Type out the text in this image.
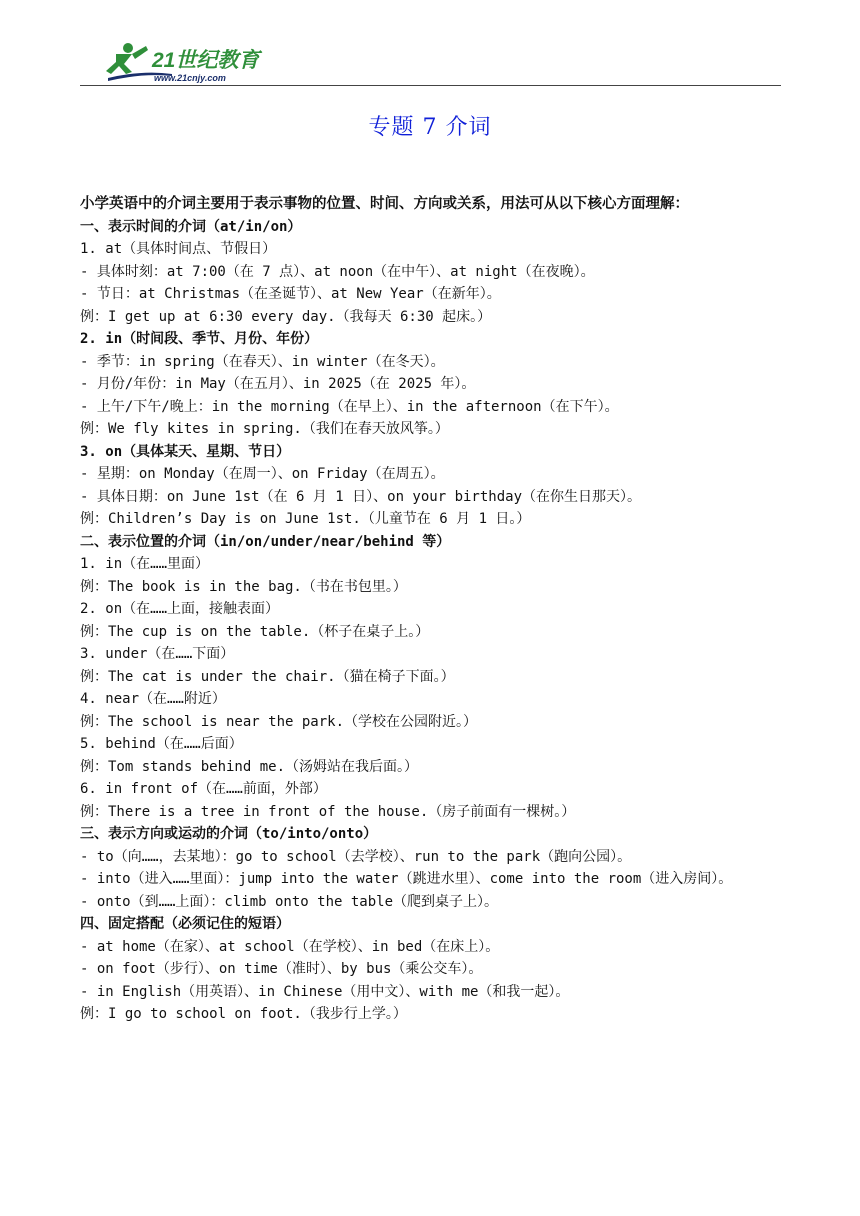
21世纪教育
www.21cnjy.com
专题 7 介词

小学英语中的介词主要用于表示事物的位置、时间、方向或关系，用法可从以下核心方面理解：

一、表示时间的介词（at/in/on）

1. at（具体时间点、节假日）

- 具体时刻：at 7:00（在 7 点）、at noon（在中午）、at night（在夜晚）。

- 节日：at Christmas（在圣诞节）、at New Year（在新年）。

例：I get up at 6:30 every day.（我每天 6:30 起床。）

2. in（时间段、季节、月份、年份）

- 季节：in spring（在春天）、in winter（在冬天）。

- 月份/年份：in May（在五月）、in 2025（在 2025 年）。

- 上午/下午/晚上：in the morning（在早上）、in the afternoon（在下午）。

例：We fly kites in spring.（我们在春天放风筝。）

3. on（具体某天、星期、节日）

- 星期：on Monday（在周一）、on Friday（在周五）。

- 具体日期：on June 1st（在 6 月 1 日）、on your birthday（在你生日那天）。

例：Children’s Day is on June 1st.（儿童节在 6 月 1 日。）

二、表示位置的介词（in/on/under/near/behind 等）

1. in（在……里面）

例：The book is in the bag.（书在书包里。）

2. on（在……上面，接触表面）

例：The cup is on the table.（杯子在桌子上。）

3. under（在……下面）

例：The cat is under the chair.（猫在椅子下面。）

4. near（在……附近）

例：The school is near the park.（学校在公园附近。）

5. behind（在……后面）

例：Tom stands behind me.（汤姆站在我后面。）

6. in front of（在……前面，外部）

例：There is a tree in front of the house.（房子前面有一棵树。）

三、表示方向或运动的介词（to/into/onto）

- to（向……，去某地）：go to school（去学校）、run to the park（跑向公园）。

- into（进入……里面）：jump into the water（跳进水里）、come into the room（进入房间）。

- onto（到……上面）：climb onto the table（爬到桌子上）。

四、固定搭配（必须记住的短语）

- at home（在家）、at school（在学校）、in bed（在床上）。

- on foot（步行）、on time（准时）、by bus（乘公交车）。

- in English（用英语）、in Chinese（用中文）、with me（和我一起）。

例：I go to school on foot.（我步行上学。）
